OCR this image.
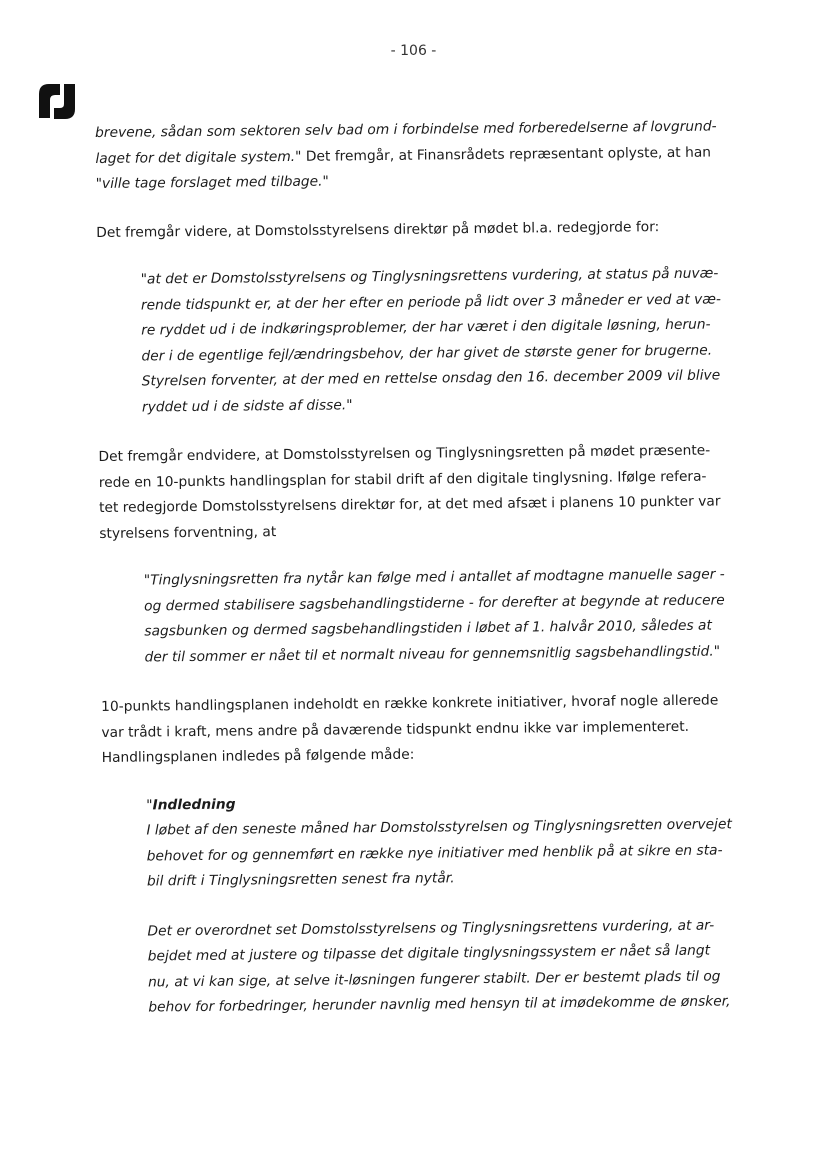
- 106 -
brevene, sådan som sektoren selv bad om i forbindelse med forberedelserne af lovgrund-
laget for det digitale system." Det fremgår, at Finansrådets repræsentant oplyste, at han
"ville tage forslaget med tilbage."
Det fremgår videre, at Domstolsstyrelsens direktør på mødet bl.a. redegjorde for:
"at det er Domstolsstyrelsens og Tinglysningsrettens vurdering, at status på nuvæ-
rende tidspunkt er, at der her efter en periode på lidt over 3 måneder er ved at væ-
re ryddet ud i de indkøringsproblemer, der har været i den digitale løsning, herun-
der i de egentlige fejl/ændringsbehov, der har givet de største gener for brugerne.
Styrelsen forventer, at der med en rettelse onsdag den 16. december 2009 vil blive
ryddet ud i de sidste af disse."
Det fremgår endvidere, at Domstolsstyrelsen og Tinglysningsretten på mødet præsente-
rede en 10-punkts handlingsplan for stabil drift af den digitale tinglysning. Ifølge refera-
tet redegjorde Domstolsstyrelsens direktør for, at det med afsæt i planens 10 punkter var
styrelsens forventning, at
"Tinglysningsretten fra nytår kan følge med i antallet af modtagne manuelle sager -
og dermed stabilisere sagsbehandlingstiderne - for derefter at begynde at reducere
sagsbunken og dermed sagsbehandlingstiden i løbet af 1. halvår 2010, således at
der til sommer er nået til et normalt niveau for gennemsnitlig sagsbehandlingstid."
10-punkts handlingsplanen indeholdt en række konkrete initiativer, hvoraf nogle allerede
var trådt i kraft, mens andre på daværende tidspunkt endnu ikke var implementeret.
Handlingsplanen indledes på følgende måde:
"Indledning
I løbet af den seneste måned har Domstolsstyrelsen og Tinglysningsretten overvejet
behovet for og gennemført en række nye initiativer med henblik på at sikre en sta-
bil drift i Tinglysningsretten senest fra nytår.
Det er overordnet set Domstolsstyrelsens og Tinglysningsrettens vurdering, at ar-
bejdet med at justere og tilpasse det digitale tinglysningssystem er nået så langt
nu, at vi kan sige, at selve it-løsningen fungerer stabilt. Der er bestemt plads til og
behov for forbedringer, herunder navnlig med hensyn til at imødekomme de ønsker,
